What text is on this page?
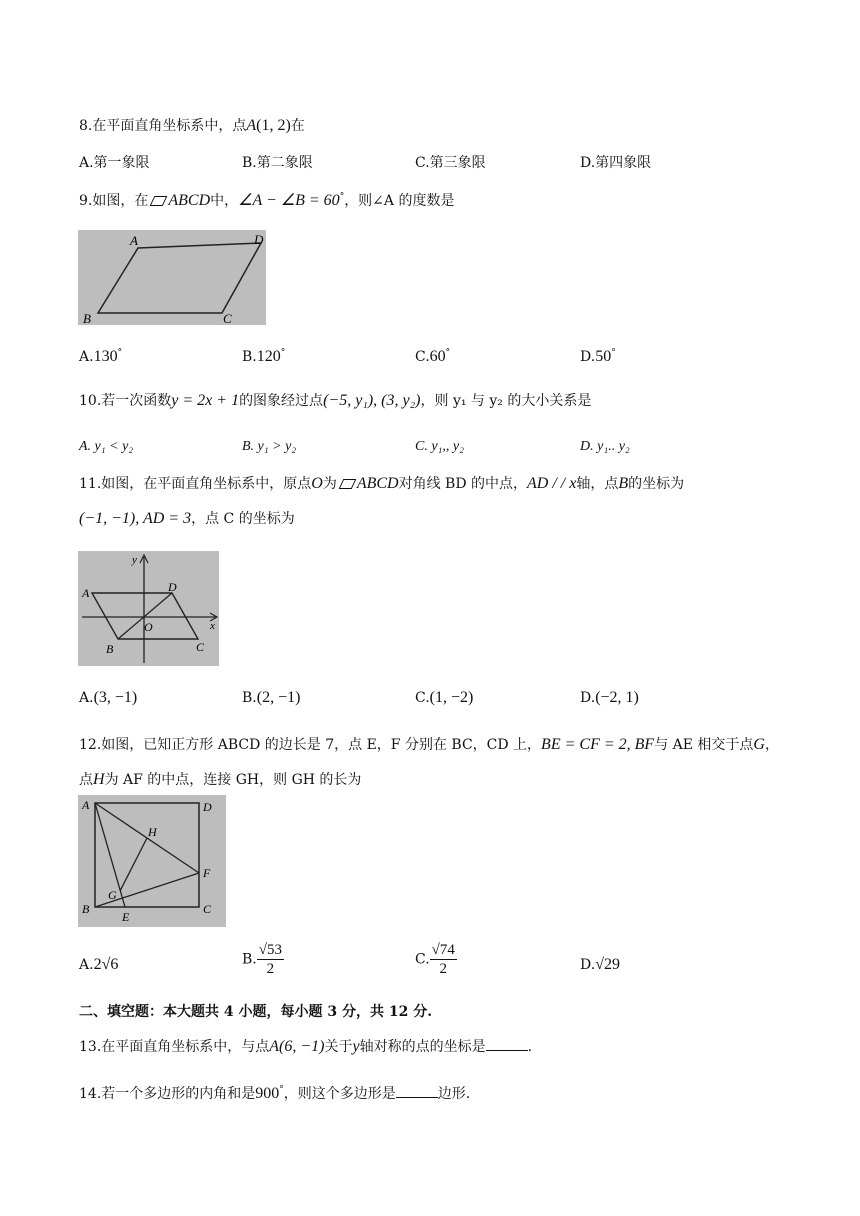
8.在平面直角坐标系中，点A(1, 2)在
A.第一象限	B.第二象限	C.第三象限	D.第四象限
9.如图，在 ABCD中，∠A − ∠B = 60°，则∠A 的度数是
A	D
B	C
A.130°	B.120°	C.60°	D.50°
10.若一次函数y = 2x + 1的图象经过点(−5, y₁), (3, y₂)，则 y₁ 与 y₂ 的大小关系是
A. y₁ < y₂	B. y₁ > y₂	C. y₁,, y₂	D. y₁.. y₂
11.如图，在平面直角坐标系中，原点O为 ABCD对角线 BD 的中点，AD / / x轴，点B的坐标为
(−1, −1), AD = 3，点 C 的坐标为
y
A	D
O	x
B	C
A.(3, −1)	B.(2, −1)	C.(1, −2)	D.(−2, 1)
12.如图，已知正方形 ABCD 的边长是 7，点 E，F 分别在 BC，CD 上，BE = CF = 2, BF与 AE 相交于点G，
点H为 AF 的中点，连接 GH，则 GH 的长为
A	D
H
F
G
B
E
C
A.2√6	B. $\frac{√53}{2}$	C. $\frac{√74}{2}$	D.√29
二、填空题：本大题共 4 小题，每小题 3 分，共 12 分.
13.在平面直角坐标系中，与点A(6, −1)关于y轴对称的点的坐标是	.
14.若一个多边形的内角和是900°，则这个多边形是	边形.
